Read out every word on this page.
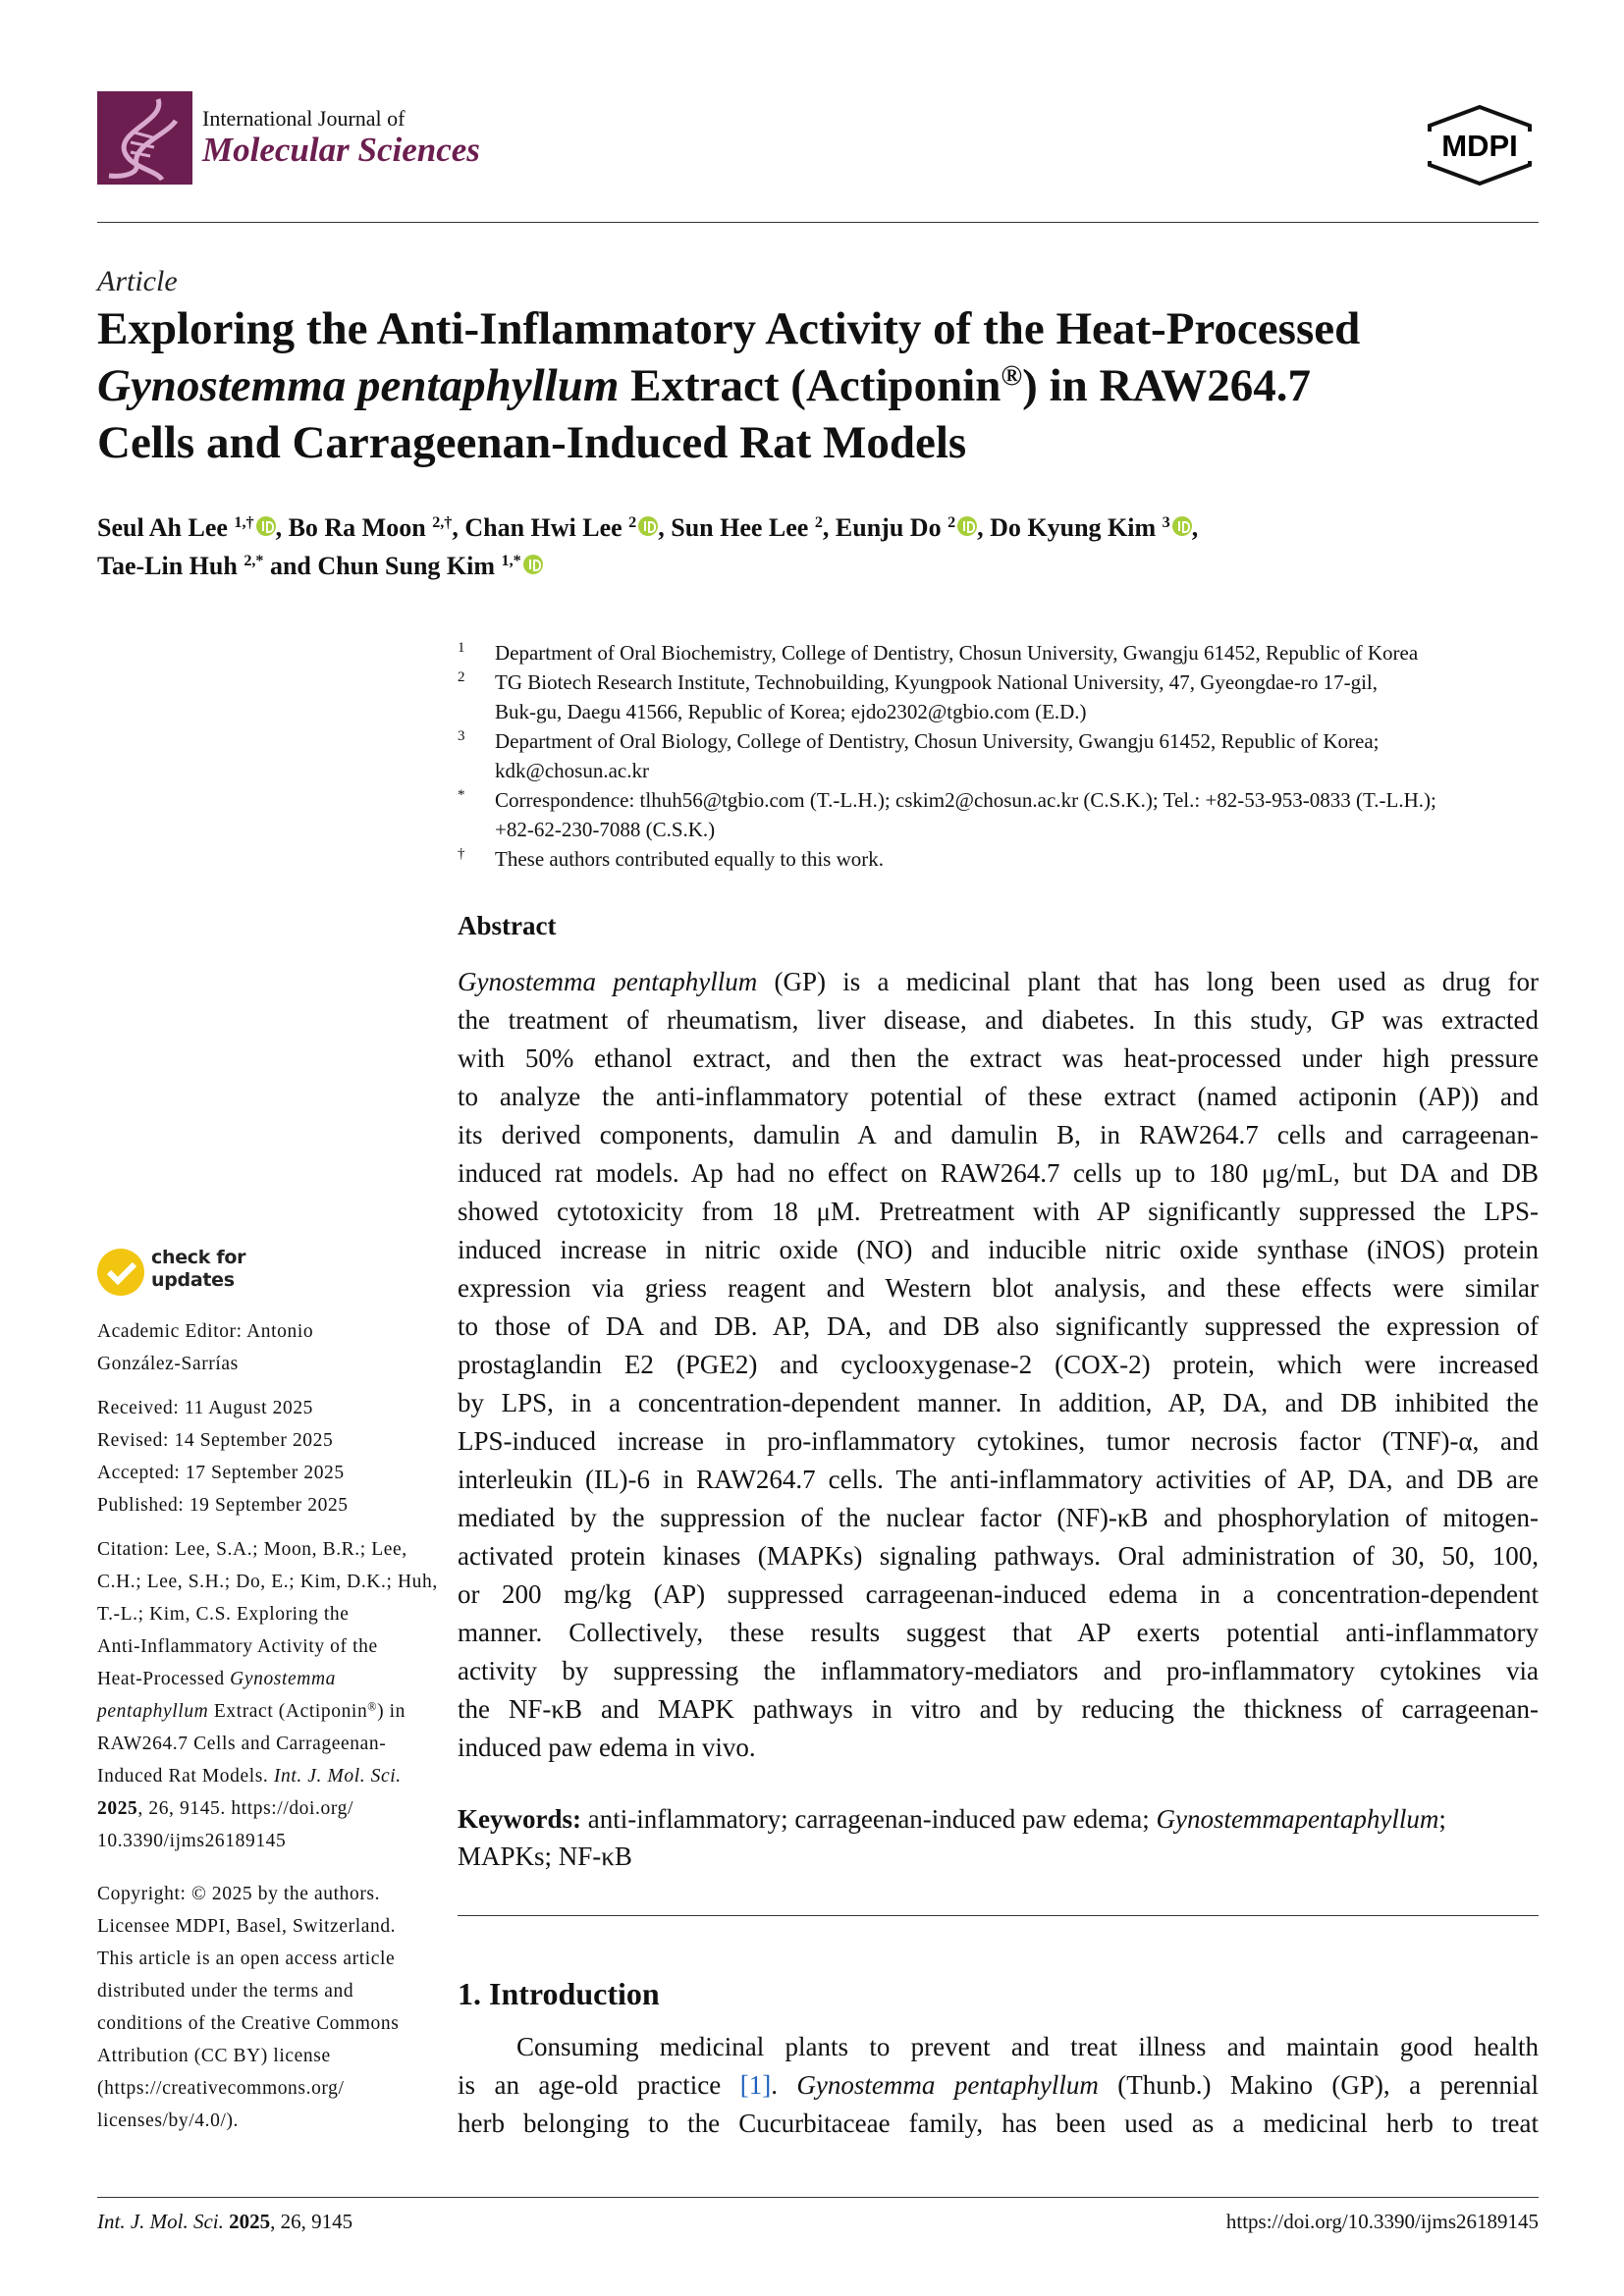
International Journal of
Molecular Sciences	MDPI
Article
Exploring the Anti-Inflammatory Activity of the Heat-Processed
Gynostemma pentaphyllum Extract (Actiponin®) in RAW264.7
Cells and Carrageenan-Induced Rat Models
Seul Ah Lee $^{1,\dagger}$ , Bo Ra Moon $^{2,\dagger}$, Chan Hwi Lee $^2$ , Sun Hee Lee $^2$, Eunju Do $^2$ , Do Kyung Kim $^3$ ,
Tae-Lin Huh $^{2,*}$ and Chun Sung Kim $^{1,*}$
1 Department of Oral Biochemistry, College of Dentistry, Chosun University, Gwangju 61452, Republic of Korea
2 TG Biotech Research Institute, Technobuilding, Kyungpook National University, 47, Gyeongdae-ro 17-gil,
Buk-gu, Daegu 41566, Republic of Korea; ejdo2302@tgbio.com (E.D.)
3 Department of Oral Biology, College of Dentistry, Chosun University, Gwangju 61452, Republic of Korea;
kdk@chosun.ac.kr
* Correspondence: tlhuh56@tgbio.com (T.-L.H.); cskim2@chosun.ac.kr (C.S.K.); Tel.: +82-53-953-0833 (T.-L.H.);
+82-62-230-7088 (C.S.K.)
† These authors contributed equally to this work.
Abstract
Gynostemma pentaphyllum (GP) is a medicinal plant that has long been used as drug for
the treatment of rheumatism, liver disease, and diabetes. In this study, GP was extracted
with 50% ethanol extract, and then the extract was heat-processed under high pressure
to analyze the anti-inflammatory potential of these extract (named actiponin (AP)) and
its derived components, damulin A and damulin B, in RAW264.7 cells and carrageenan-
induced rat models. Ap had no effect on RAW264.7 cells up to 180 μg/mL, but DA and DB
showed cytotoxicity from 18 μM. Pretreatment with AP significantly suppressed the LPS-
induced increase in nitric oxide (NO) and inducible nitric oxide synthase (iNOS) protein
expression via griess reagent and Western blot analysis, and these effects were similar
to those of DA and DB. AP, DA, and DB also significantly suppressed the expression of
prostaglandin E2 (PGE2) and cyclooxygenase-2 (COX-2) protein, which were increased
by LPS, in a concentration-dependent manner. In addition, AP, DA, and DB inhibited the
LPS-induced increase in pro-inflammatory cytokines, tumor necrosis factor (TNF)-α, and
interleukin (IL)-6 in RAW264.7 cells. The anti-inflammatory activities of AP, DA, and DB are
mediated by the suppression of the nuclear factor (NF)-κB and phosphorylation of mitogen-
activated protein kinases (MAPKs) signaling pathways. Oral administration of 30, 50, 100,
or 200 mg/kg (AP) suppressed carrageenan-induced edema in a concentration-dependent
manner. Collectively, these results suggest that AP exerts potential anti-inflammatory
activity by suppressing the inflammatory-mediators and pro-inflammatory cytokines via
the NF-κB and MAPK pathways in vitro and by reducing the thickness of carrageenan-
induced paw edema in vivo.
Keywords: anti-inflammatory; carrageenan-induced paw edema; Gynostemmapentaphyllum;
MAPKs; NF-κB
1. Introduction
Consuming medicinal plants to prevent and treat illness and maintain good health
is an age-old practice [1]. Gynostemma pentaphyllum (Thunb.) Makino (GP), a perennial
herb belonging to the Cucurbitaceae family, has been used as a medicinal herb to treat
check for updates
Academic Editor: Antonio
González-Sarrías
Received: 11 August 2025
Revised: 14 September 2025
Accepted: 17 September 2025
Published: 19 September 2025
Citation: Lee, S.A.; Moon, B.R.; Lee,
C.H.; Lee, S.H.; Do, E.; Kim, D.K.; Huh,
T.-L.; Kim, C.S. Exploring the
Anti-Inflammatory Activity of the
Heat-Processed Gynostemma
pentaphyllum Extract (Actiponin®) in
RAW264.7 Cells and Carrageenan-
Induced Rat Models. Int. J. Mol. Sci.
2025, 26, 9145. https://doi.org/
10.3390/ijms26189145
Copyright: © 2025 by the authors.
Licensee MDPI, Basel, Switzerland.
This article is an open access article
distributed under the terms and
conditions of the Creative Commons
Attribution (CC BY) license
(https://creativecommons.org/
licenses/by/4.0/).
Int. J. Mol. Sci. 2025, 26, 9145	https://doi.org/10.3390/ijms26189145
